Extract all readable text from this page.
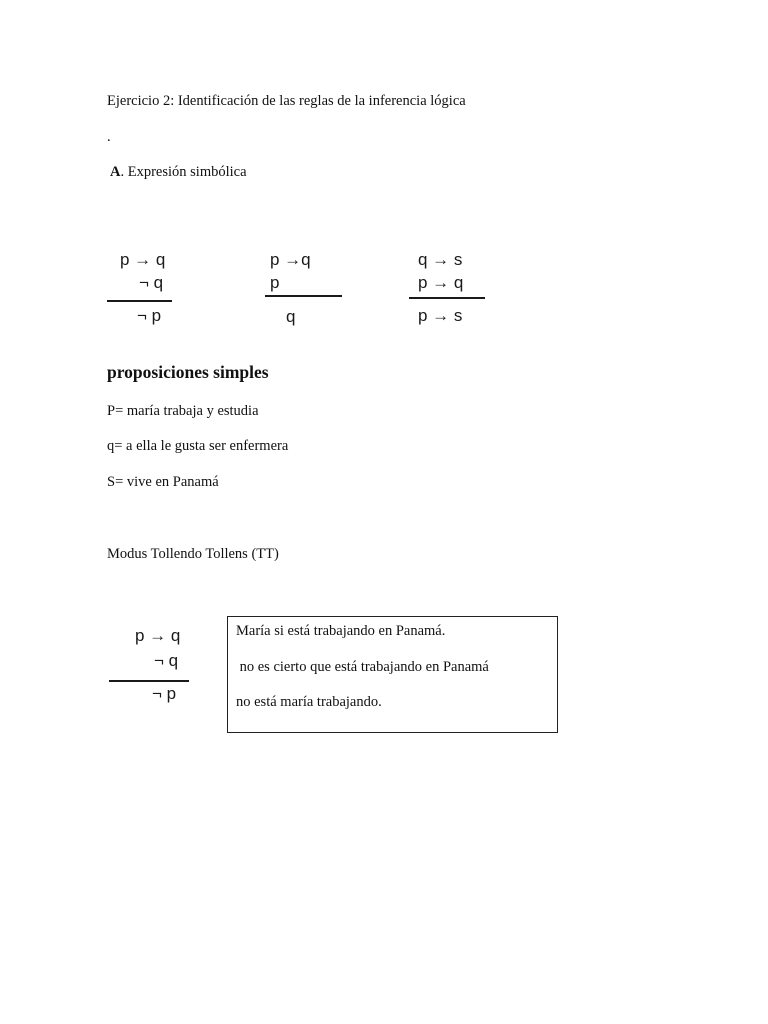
Ejercicio 2: Identificación de las reglas de la inferencia lógica
.
A. Expresión simbólica
p → q
¬ q
¬ p
p →q
p
q
q → s
p → q
p → s
proposiciones simples
P= maría trabaja y estudia
q= a ella le gusta ser enfermera
S= vive en Panamá
Modus Tollendo Tollens (TT)
p → q
¬ q
¬ p
María si está trabajando en Panamá.
no es cierto que está trabajando en Panamá
no está maría trabajando.
